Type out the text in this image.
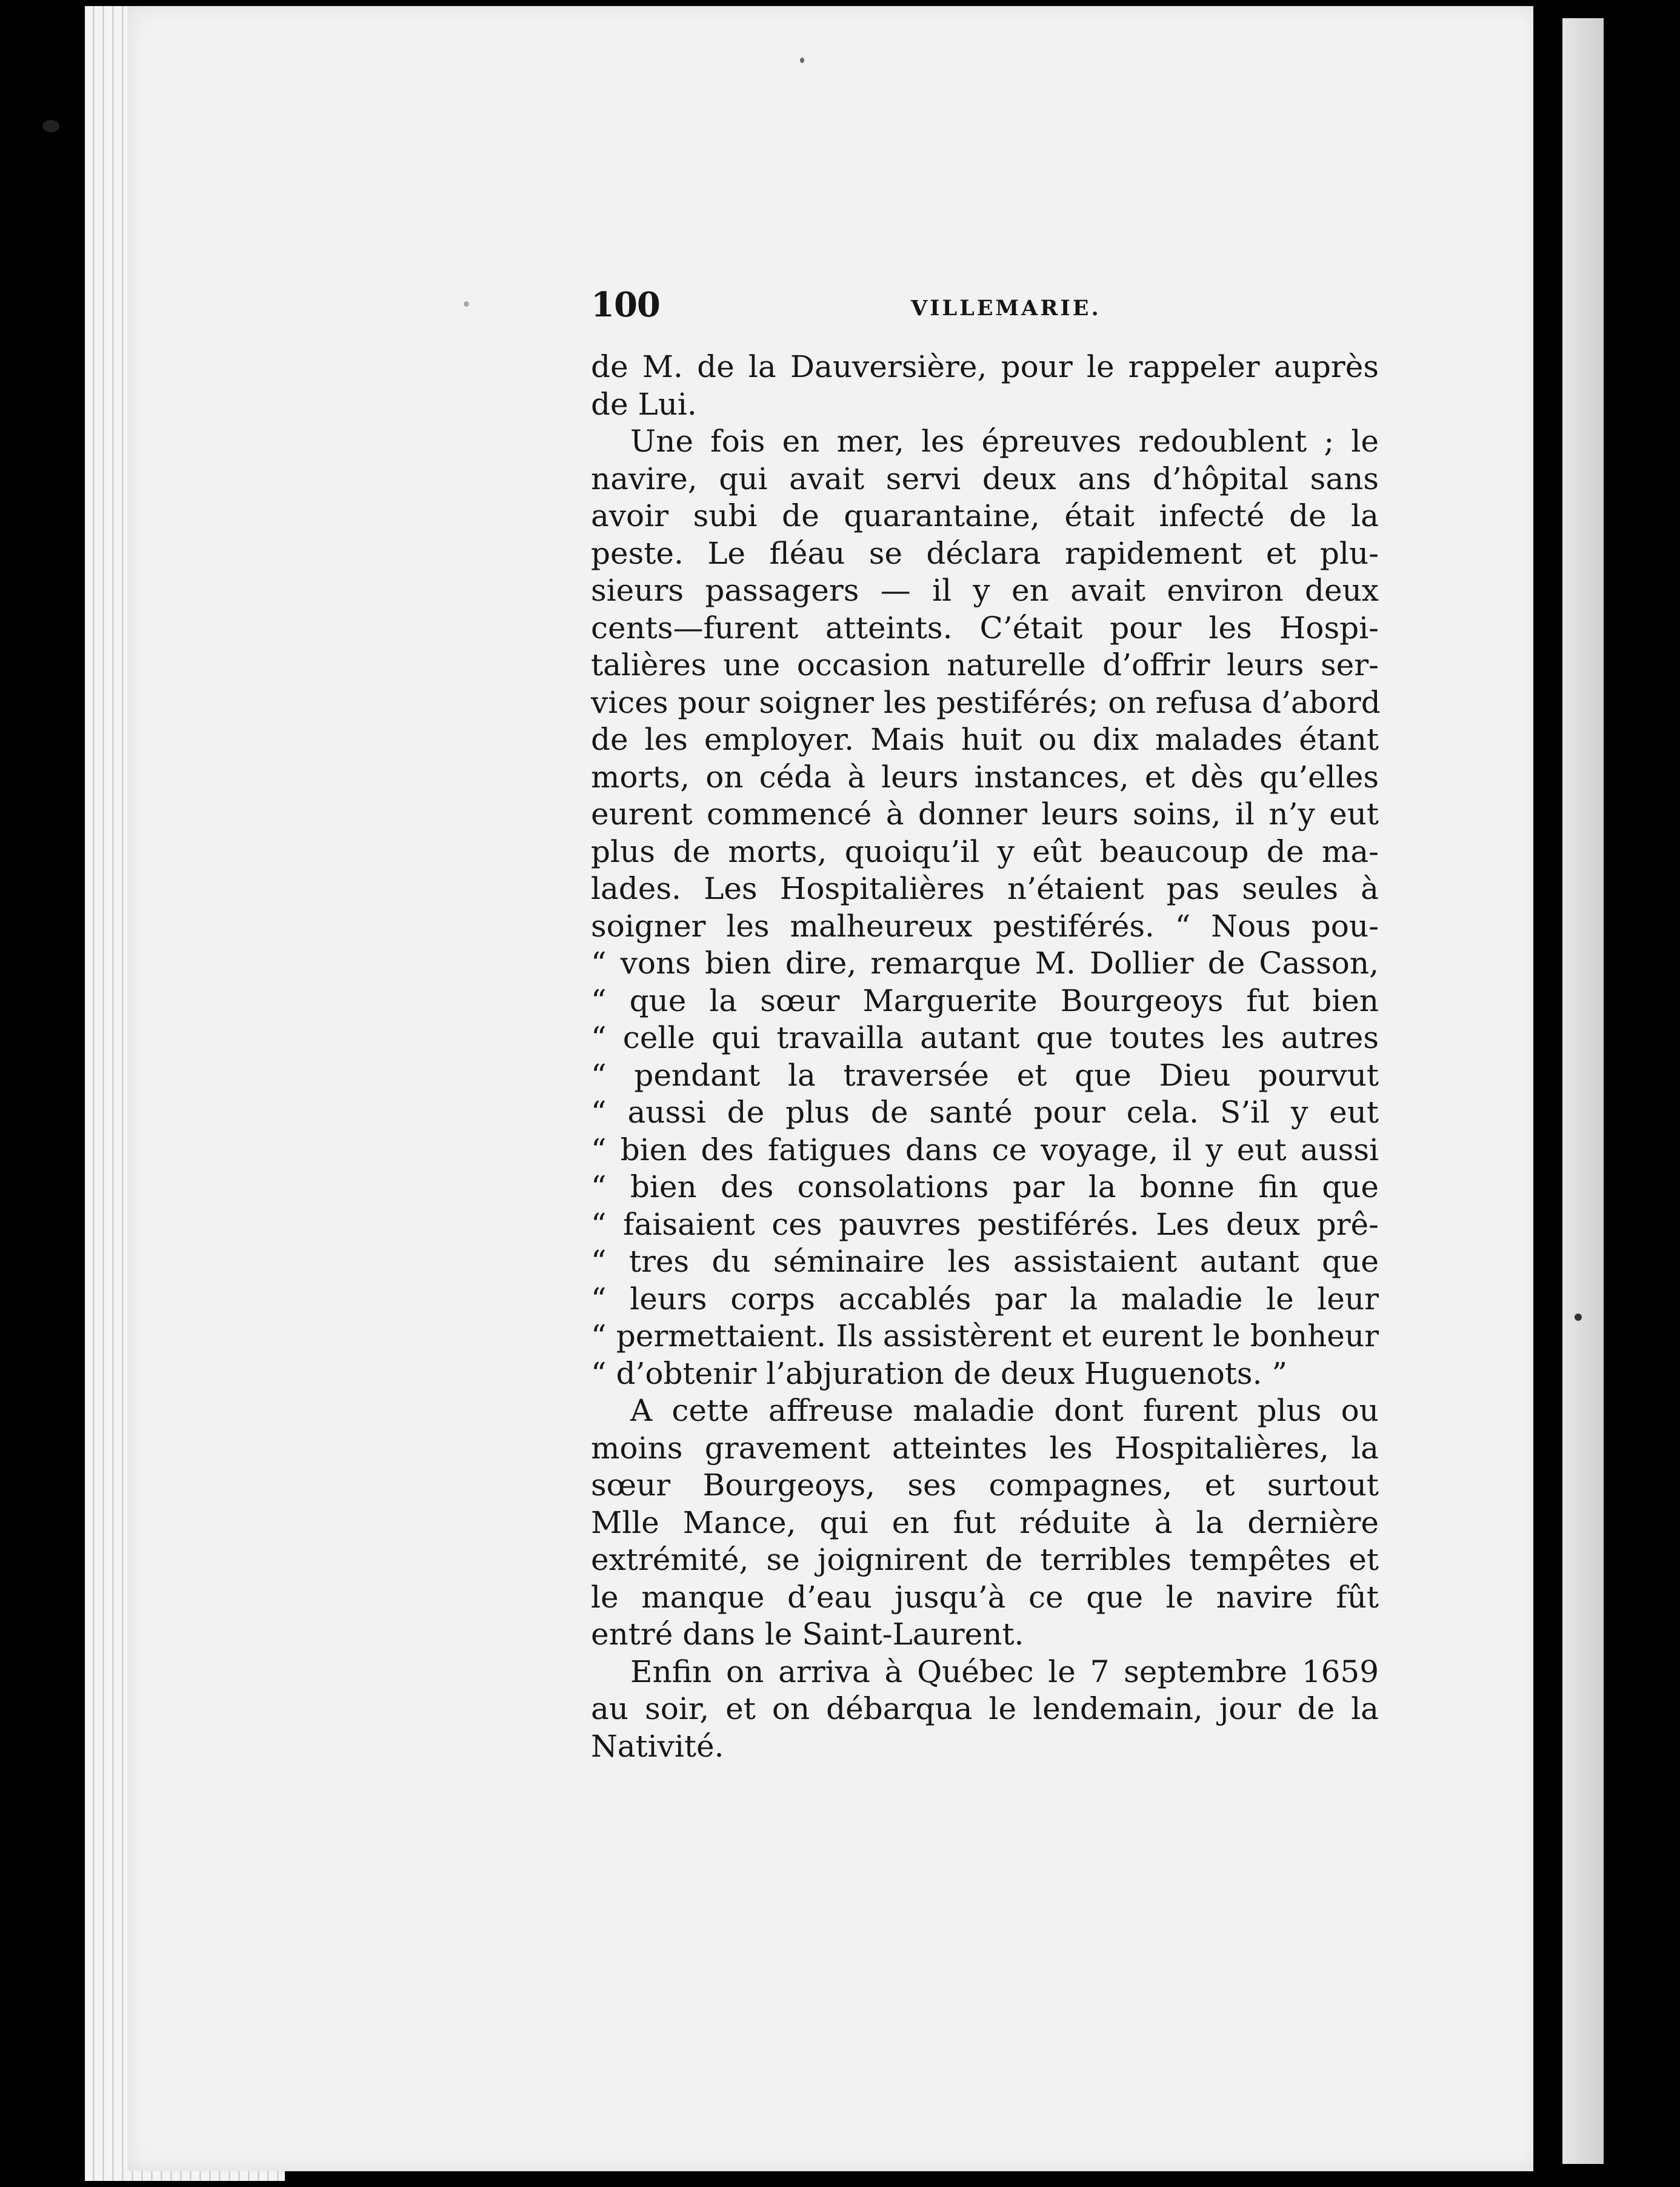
100	VILLEMARIE.
de M. de la Dauversière, pour le rappeler auprès
de Lui.
Une fois en mer, les épreuves redoublent ; le
navire, qui avait servi deux ans d’hôpital sans
avoir subi de quarantaine, était infecté de la
peste. Le fléau se déclara rapidement et plu-
sieurs passagers — il y en avait environ deux
cents—furent atteints. C’était pour les Hospi-
talières une occasion naturelle d’offrir leurs ser-
vices pour soigner les pestiférés; on refusa d’abord
de les employer. Mais huit ou dix malades étant
morts, on céda à leurs instances, et dès qu’elles
eurent commencé à donner leurs soins, il n’y eut
plus de morts, quoiqu’il y eût beaucoup de ma-
lades. Les Hospitalières n’étaient pas seules à
soigner les malheureux pestiférés. “ Nous pou-
“ vons bien dire, remarque M. Dollier de Casson,
“ que la sœur Marguerite Bourgeoys fut bien
“ celle qui travailla autant que toutes les autres
“ pendant la traversée et que Dieu pourvut
“ aussi de plus de santé pour cela. S’il y eut
“ bien des fatigues dans ce voyage, il y eut aussi
“ bien des consolations par la bonne fin que
“ faisaient ces pauvres pestiférés. Les deux prê-
“ tres du séminaire les assistaient autant que
“ leurs corps accablés par la maladie le leur
“ permettaient. Ils assistèrent et eurent le bonheur
“ d’obtenir l’abjuration de deux Huguenots. ”
A cette affreuse maladie dont furent plus ou
moins gravement atteintes les Hospitalières, la
sœur Bourgeoys, ses compagnes, et surtout
Mlle Mance, qui en fut réduite à la dernière
extrémité, se joignirent de terribles tempêtes et
le manque d’eau jusqu’à ce que le navire fût
entré dans le Saint-Laurent.
Enfin on arriva à Québec le 7 septembre 1659
au soir, et on débarqua le lendemain, jour de la
Nativité.
